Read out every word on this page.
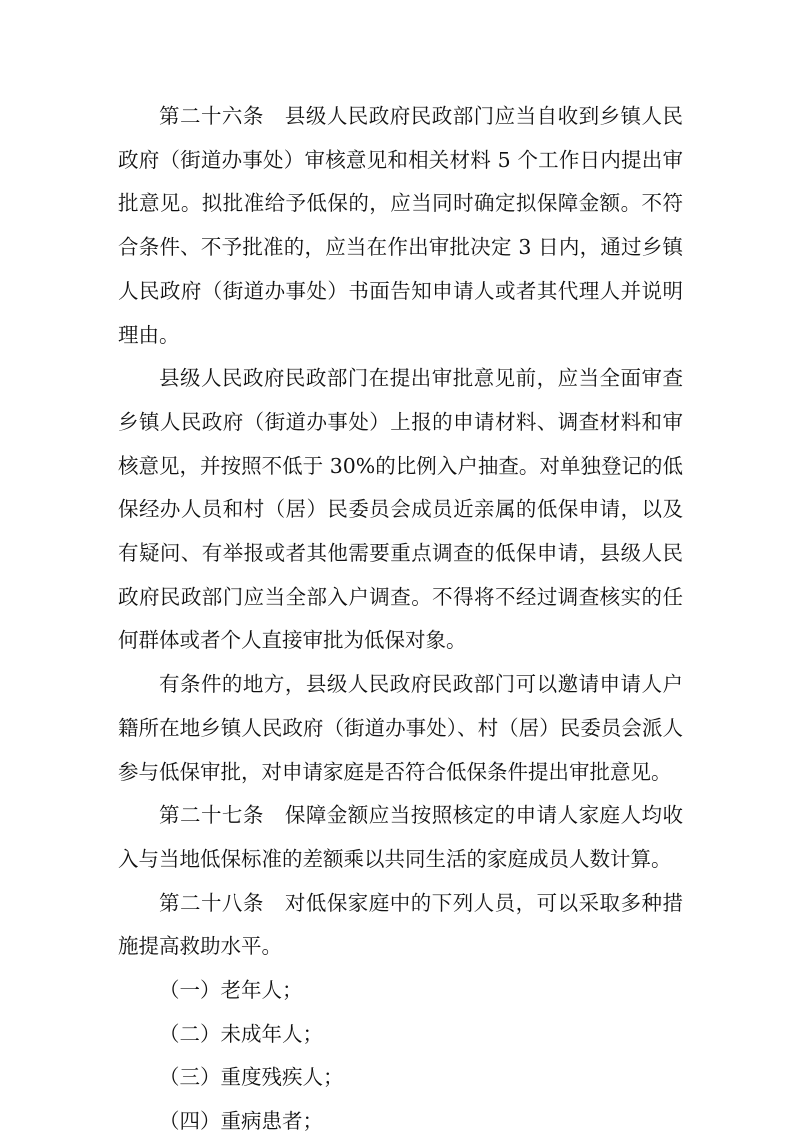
第二十六条　县级人民政府民政部门应当自收到乡镇人民政府（街道办事处）审核意见和相关材料 5 个工作日内提出审批意见。拟批准给予低保的，应当同时确定拟保障金额。不符合条件、不予批准的，应当在作出审批决定 3 日内，通过乡镇人民政府（街道办事处）书面告知申请人或者其代理人并说明理由。

县级人民政府民政部门在提出审批意见前，应当全面审查乡镇人民政府（街道办事处）上报的申请材料、调查材料和审核意见，并按照不低于 30%的比例入户抽查。对单独登记的低保经办人员和村（居）民委员会成员近亲属的低保申请，以及有疑问、有举报或者其他需要重点调查的低保申请，县级人民政府民政部门应当全部入户调查。不得将不经过调查核实的任何群体或者个人直接审批为低保对象。

有条件的地方，县级人民政府民政部门可以邀请申请人户籍所在地乡镇人民政府（街道办事处）、村（居）民委员会派人参与低保审批，对申请家庭是否符合低保条件提出审批意见。

第二十七条　保障金额应当按照核定的申请人家庭人均收入与当地低保标准的差额乘以共同生活的家庭成员人数计算。

第二十八条　对低保家庭中的下列人员，可以采取多种措施提高救助水平。

（一）老年人；

（二）未成年人；

（三）重度残疾人；

（四）重病患者；
